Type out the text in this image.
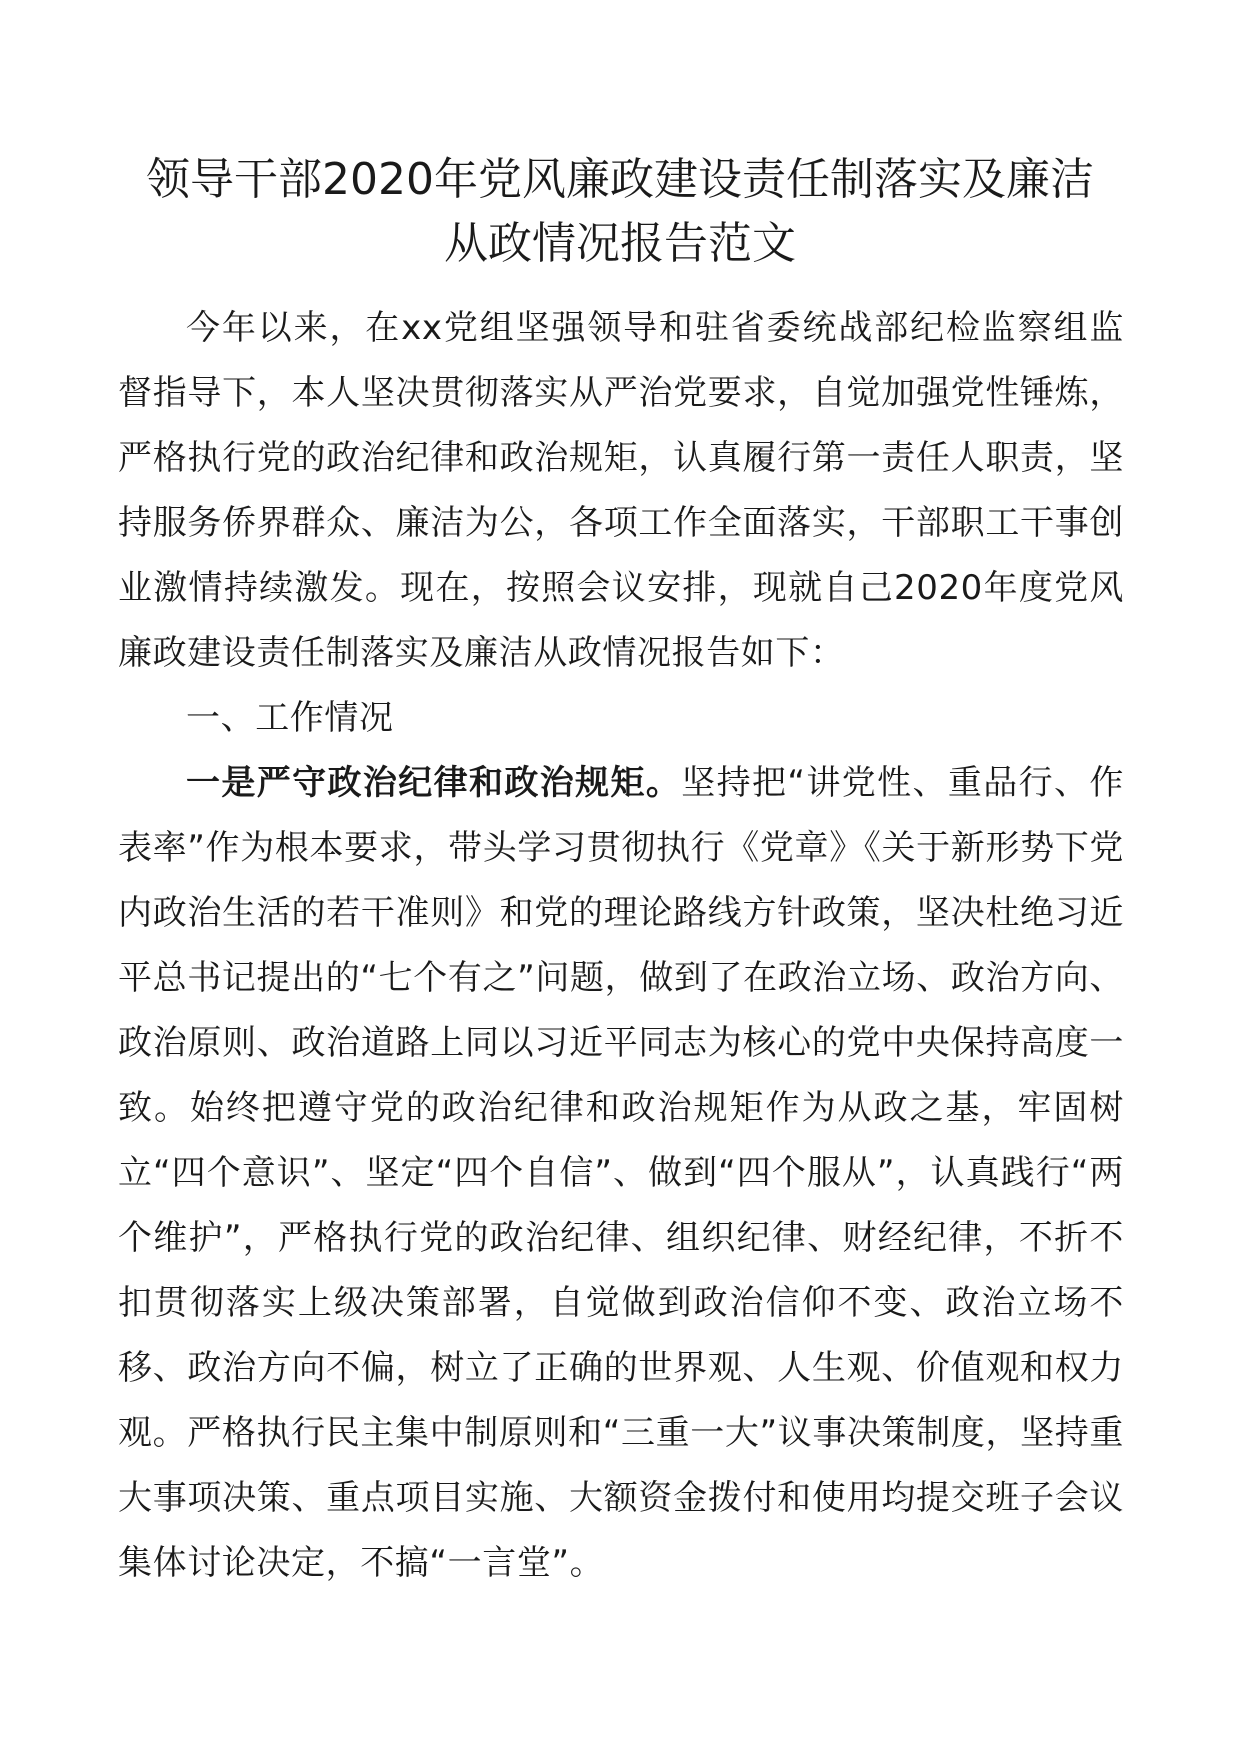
领导干部2020年党风廉政建设责任制落实及廉洁
从政情况报告范文

今年以来，在xx党组坚强领导和驻省委统战部纪检监察组监督指导下，本人坚决贯彻落实从严治党要求，自觉加强党性锤炼，严格执行党的政治纪律和政治规矩，认真履行第一责任人职责，坚持服务侨界群众、廉洁为公，各项工作全面落实，干部职工干事创业激情持续激发。现在，按照会议安排，现就自己2020年度党风廉政建设责任制落实及廉洁从政情况报告如下：

一、工作情况

一是严守政治纪律和政治规矩。坚持把“讲党性、重品行、作表率”作为根本要求，带头学习贯彻执行《党章》《关于新形势下党内政治生活的若干准则》和党的理论路线方针政策，坚决杜绝习近平总书记提出的“七个有之”问题，做到了在政治立场、政治方向、政治原则、政治道路上同以习近平同志为核心的党中央保持高度一致。始终把遵守党的政治纪律和政治规矩作为从政之基，牢固树立“四个意识”、坚定“四个自信”、做到“四个服从”，认真践行“两个维护”，严格执行党的政治纪律、组织纪律、财经纪律，不折不扣贯彻落实上级决策部署，自觉做到政治信仰不变、政治立场不移、政治方向不偏，树立了正确的世界观、人生观、价值观和权力观。严格执行民主集中制原则和“三重一大”议事决策制度，坚持重大事项决策、重点项目实施、大额资金拨付和使用均提交班子会议集体讨论决定，不搞“一言堂”。
